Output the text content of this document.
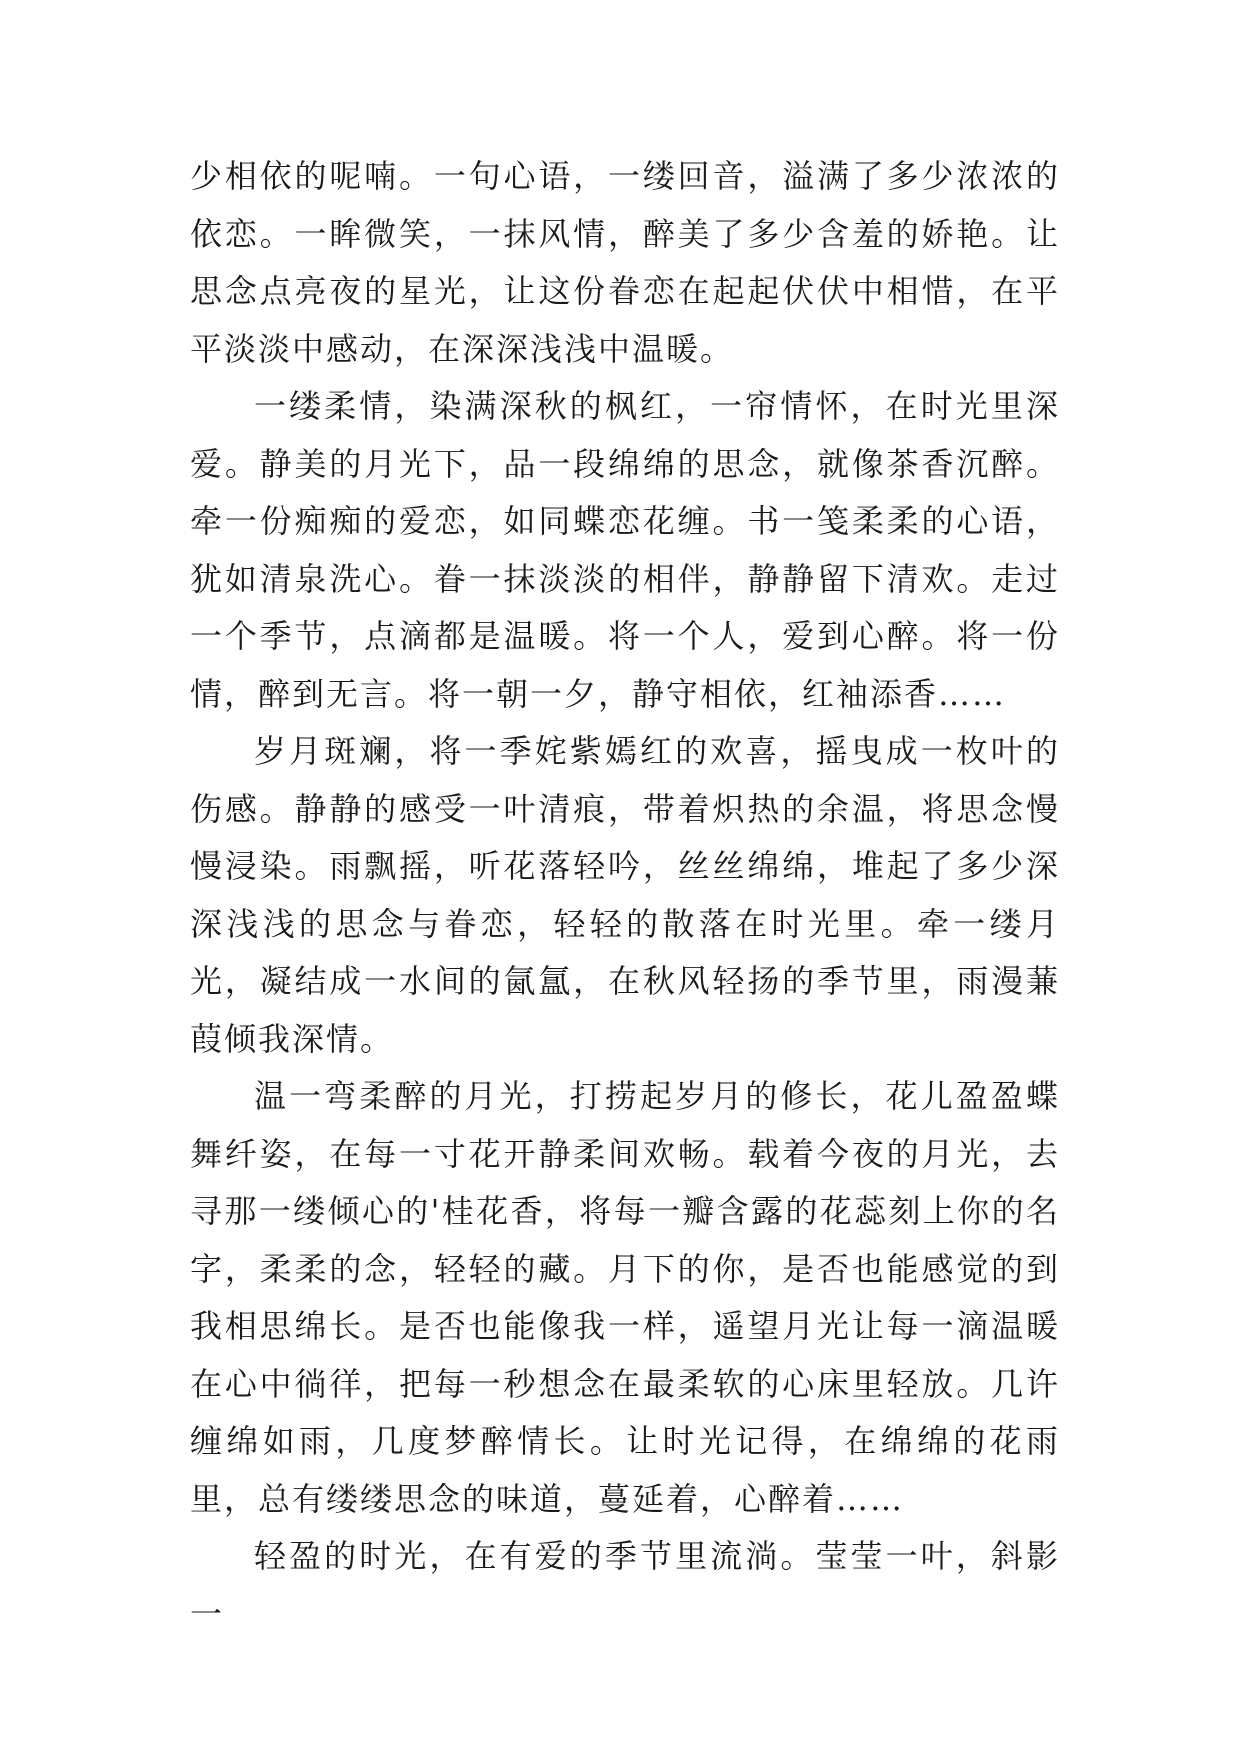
少相依的呢喃。一句心语，一缕回音，溢满了多少浓浓的依恋。一眸微笑，一抹风情，醉美了多少含羞的娇艳。让思念点亮夜的星光，让这份眷恋在起起伏伏中相惜，在平平淡淡中感动，在深深浅浅中温暖。

一缕柔情，染满深秋的枫红，一帘情怀，在时光里深爱。静美的月光下，品一段绵绵的思念，就像茶香沉醉。牵一份痴痴的爱恋，如同蝶恋花缠。书一笺柔柔的心语，犹如清泉洗心。眷一抹淡淡的相伴，静静留下清欢。走过一个季节，点滴都是温暖。将一个人，爱到心醉。将一份情，醉到无言。将一朝一夕，静守相依，红袖添香……

岁月斑斓，将一季姹紫嫣红的欢喜，摇曳成一枚叶的伤感。静静的感受一叶清痕，带着炽热的余温，将思念慢慢浸染。雨飘摇，听花落轻吟，丝丝绵绵，堆起了多少深深浅浅的思念与眷恋，轻轻的散落在时光里。牵一缕月光，凝结成一水间的氤氲，在秋风轻扬的季节里，雨漫蒹葭倾我深情。

温一弯柔醉的月光，打捞起岁月的修长，花儿盈盈蝶舞纤姿，在每一寸花开静柔间欢畅。载着今夜的月光，去寻那一缕倾心的'桂花香，将每一瓣含露的花蕊刻上你的名字，柔柔的念，轻轻的藏。月下的你，是否也能感觉的到我相思绵长。是否也能像我一样，遥望月光让每一滴温暖在心中徜徉，把每一秒想念在最柔软的心床里轻放。几许缠绵如雨，几度梦醉情长。让时光记得，在绵绵的花雨里，总有缕缕思念的味道，蔓延着，心醉着……

轻盈的时光，在有爱的季节里流淌。莹莹一叶，斜影一
